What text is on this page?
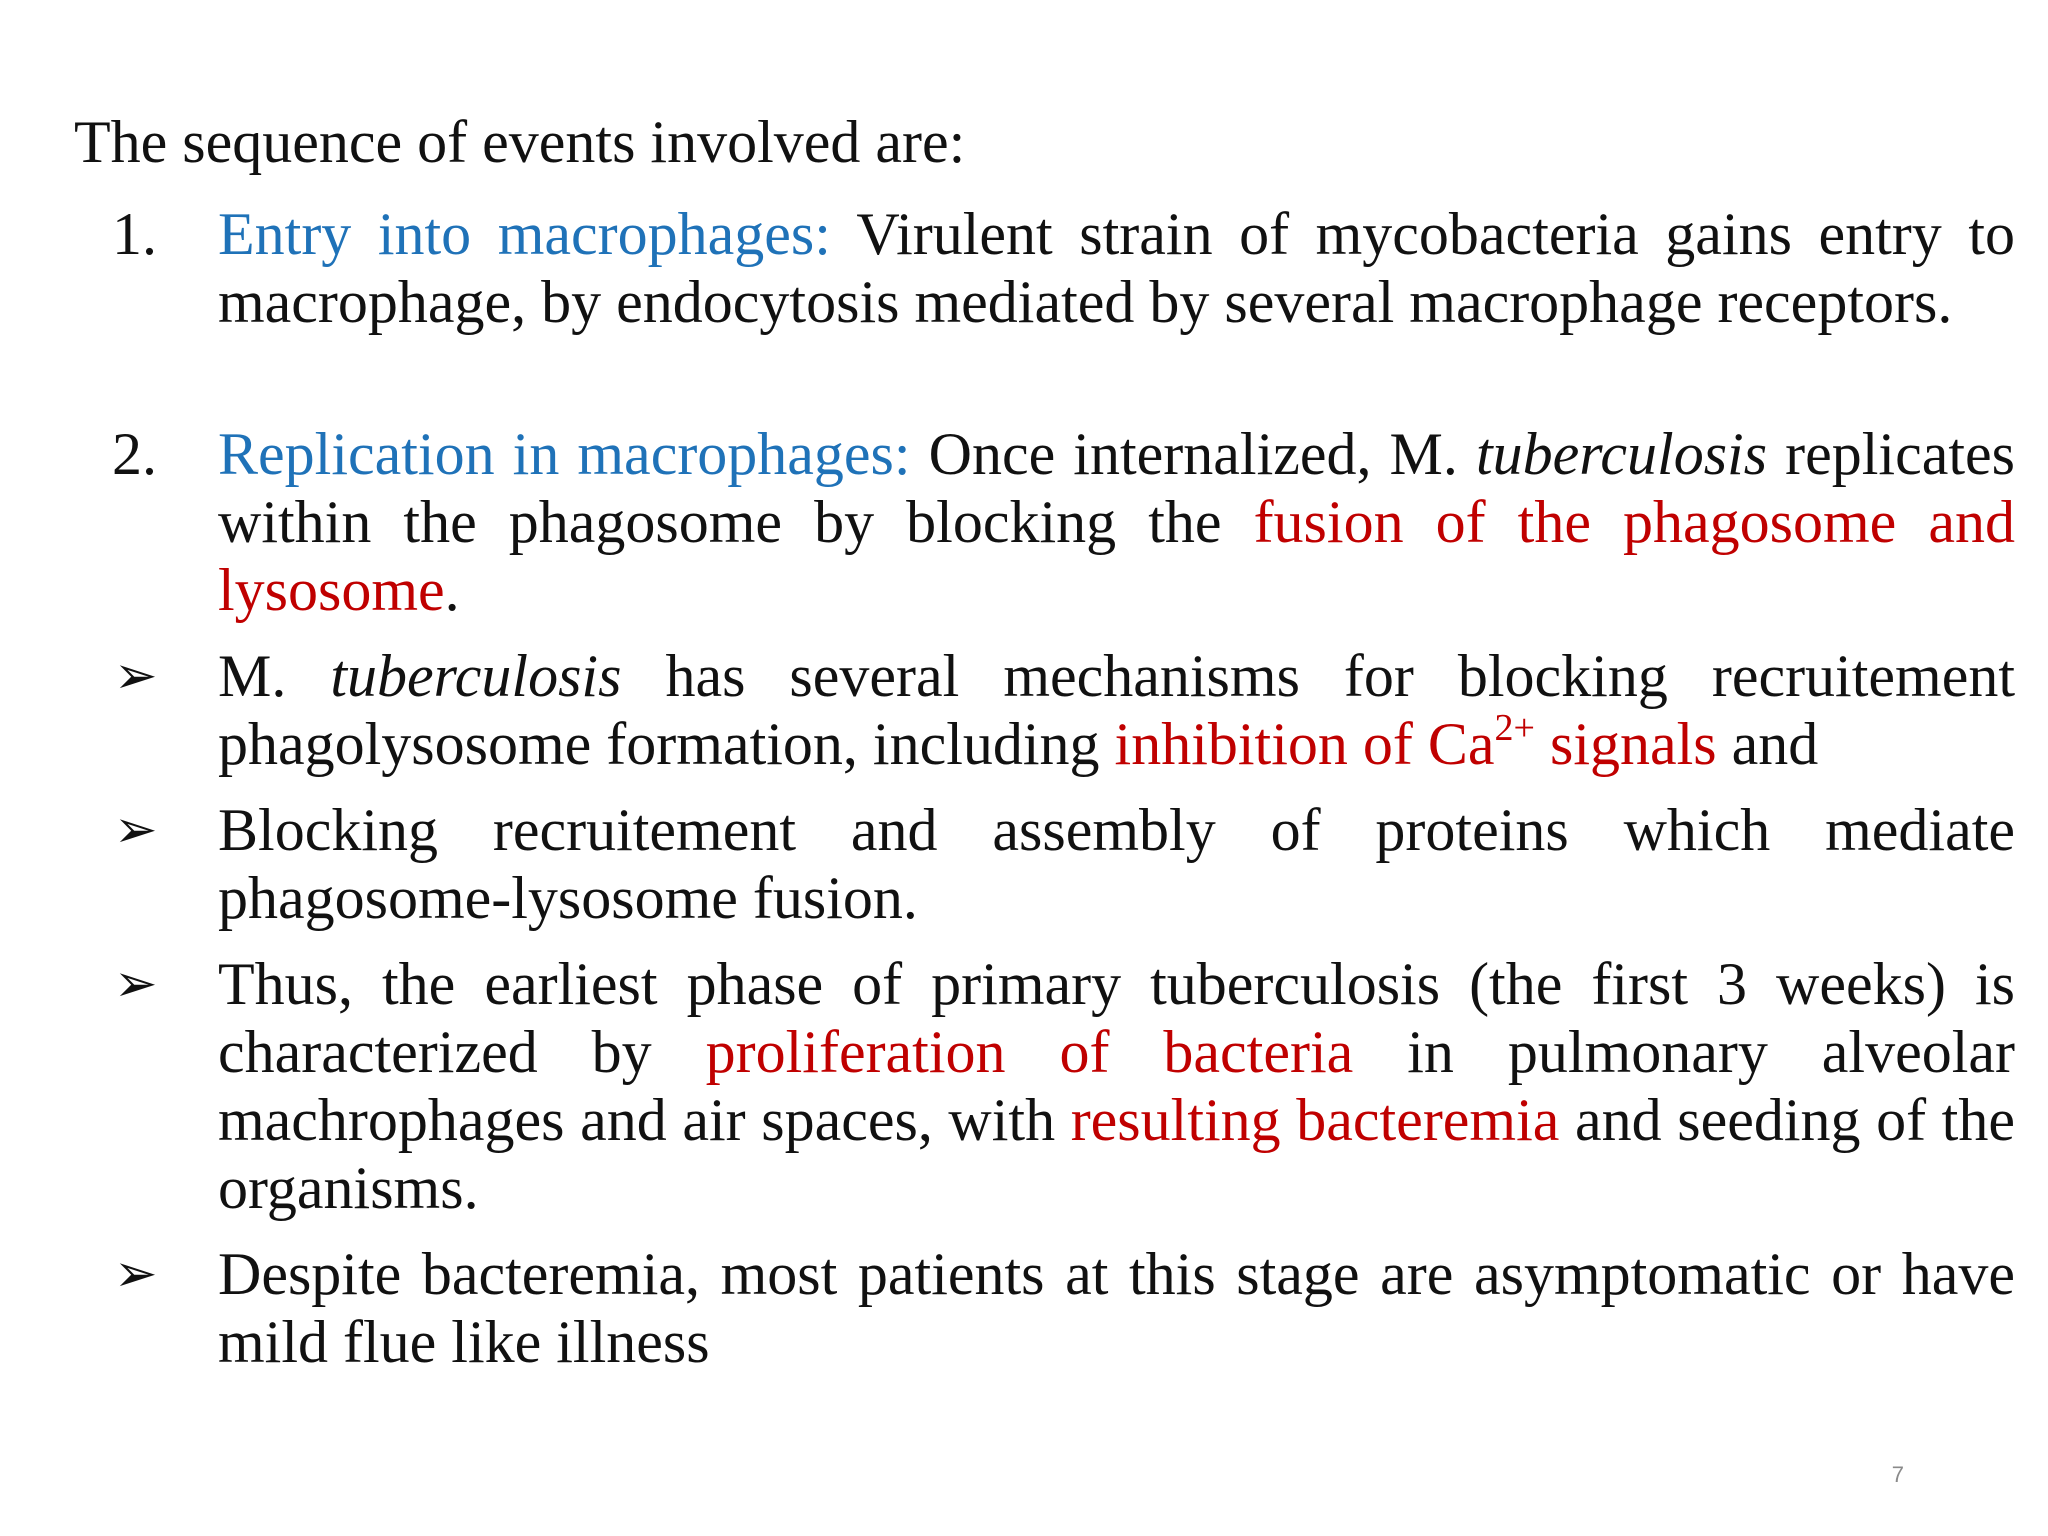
The sequence of events involved are:

1.	Entry into macrophages: Virulent strain of mycobacteria gains entry to macrophage, by endocytosis mediated by several macrophage receptors.

2.	Replication in macrophages: Once internalized, M. tuberculosis replicates within the phagosome by blocking the fusion of the phagosome and lysosome.

➢	M. tuberculosis has several mechanisms for blocking recruitement phagolysosome formation, including inhibition of $Ca^{2+}$ signals and

➢	Blocking recruitement and assembly of proteins which mediate phagosome-lysosome fusion.

➢	Thus, the earliest phase of primary tuberculosis (the first 3 weeks) is characterized by proliferation of bacteria in pulmonary alveolar machrophages and air spaces, with resulting bacteremia and seeding of the organisms.

➢	Despite bacteremia, most patients at this stage are asymptomatic or have mild flue like illness

7
